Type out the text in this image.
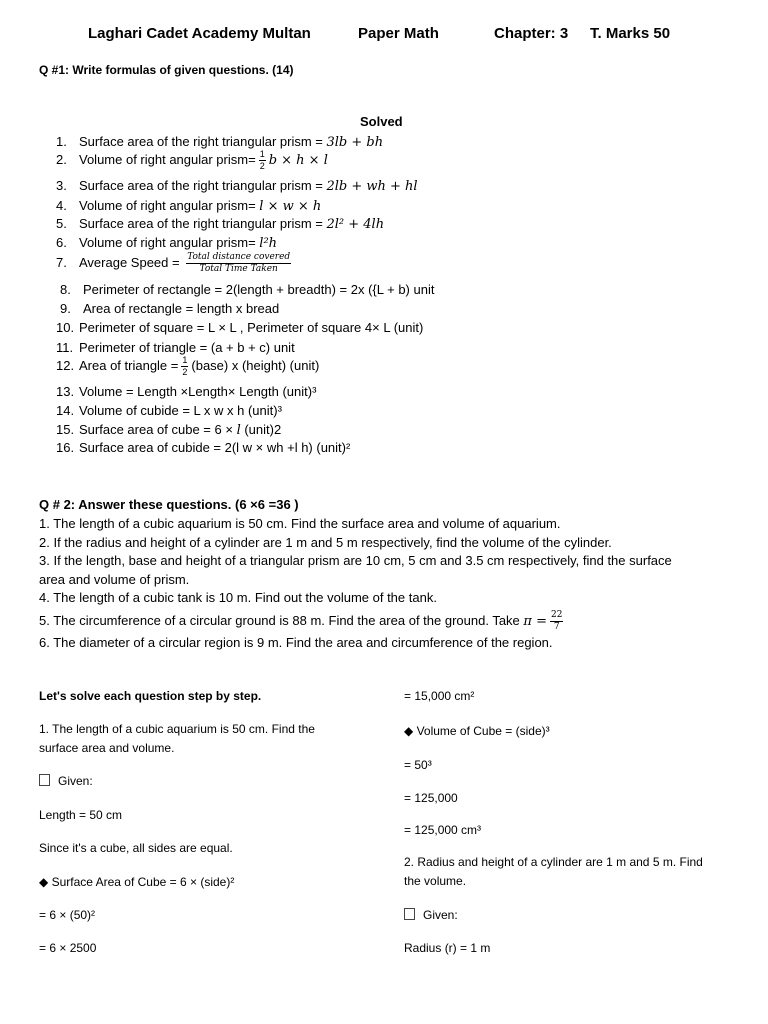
Laghari Cadet Academy Multan	Paper Math	Chapter: 3 T. Marks 50
Q #1: Write formulas of given questions. (14)
Solved
1. Surface area of the right triangular prism = 3lb + bh
2. Volume of right angular prism= $\frac{1}{2}$ b × h × l
3. Surface area of the right triangular prism = 2lb + wh + hl
4. Volume of right angular prism= l × w × h
5. Surface area of the right triangular prism = 2l² + 4lh
6. Volume of right angular prism= l²h
7. Average Speed = $\frac{\text{Total distance covered}}{\text{Total Time Taken}}$
8. Perimeter of rectangle = 2(length + breadth) = 2x ({L + b) unit
9. Area of rectangle = length x bread
10. Perimeter of square = L × L , Perimeter of square 4× L (unit)
11. Perimeter of triangle = (a + b + c) unit
12. Area of triangle = $\frac{1}{2}$ (base) x (height) (unit)
13. Volume = Length ×Length× Length (unit)³
14. Volume of cubide = L x w x h (unit)³
15. Surface area of cube = 6 × l (unit)2
16. Surface area of cubide = 2(l w × wh +l h) (unit)²
Q # 2: Answer these questions. (6 ×6 =36 )
1. The length of a cubic aquarium is 50 cm. Find the surface area and volume of aquarium.
2. If the radius and height of a cylinder are 1 m and 5 m respectively, find the volume of the cylinder.
3. If the length, base and height of a triangular prism are 10 cm, 5 cm and 3.5 cm respectively, find the surface
area and volume of prism.
4. The length of a cubic tank is 10 m. Find out the volume of the tank.
5. The circumference of a circular ground is 88 m. Find the area of the ground. Take $\pi = \frac{22}{7}$
6. The diameter of a circular region is 9 m. Find the area and circumference of the region.
Let's solve each question step by step.
1. The length of a cubic aquarium is 50 cm. Find the
surface area and volume.
Given:
Length = 50 cm
Since it's a cube, all sides are equal.
◆ Surface Area of Cube = 6 × (side)²
= 6 × (50)²
= 6 × 2500
= 15,000 cm²
◆ Volume of Cube = (side)³
= 50³
= 125,000
= 125,000 cm³
2. Radius and height of a cylinder are 1 m and 5 m. Find
the volume.
Given:
Radius (r) = 1 m
